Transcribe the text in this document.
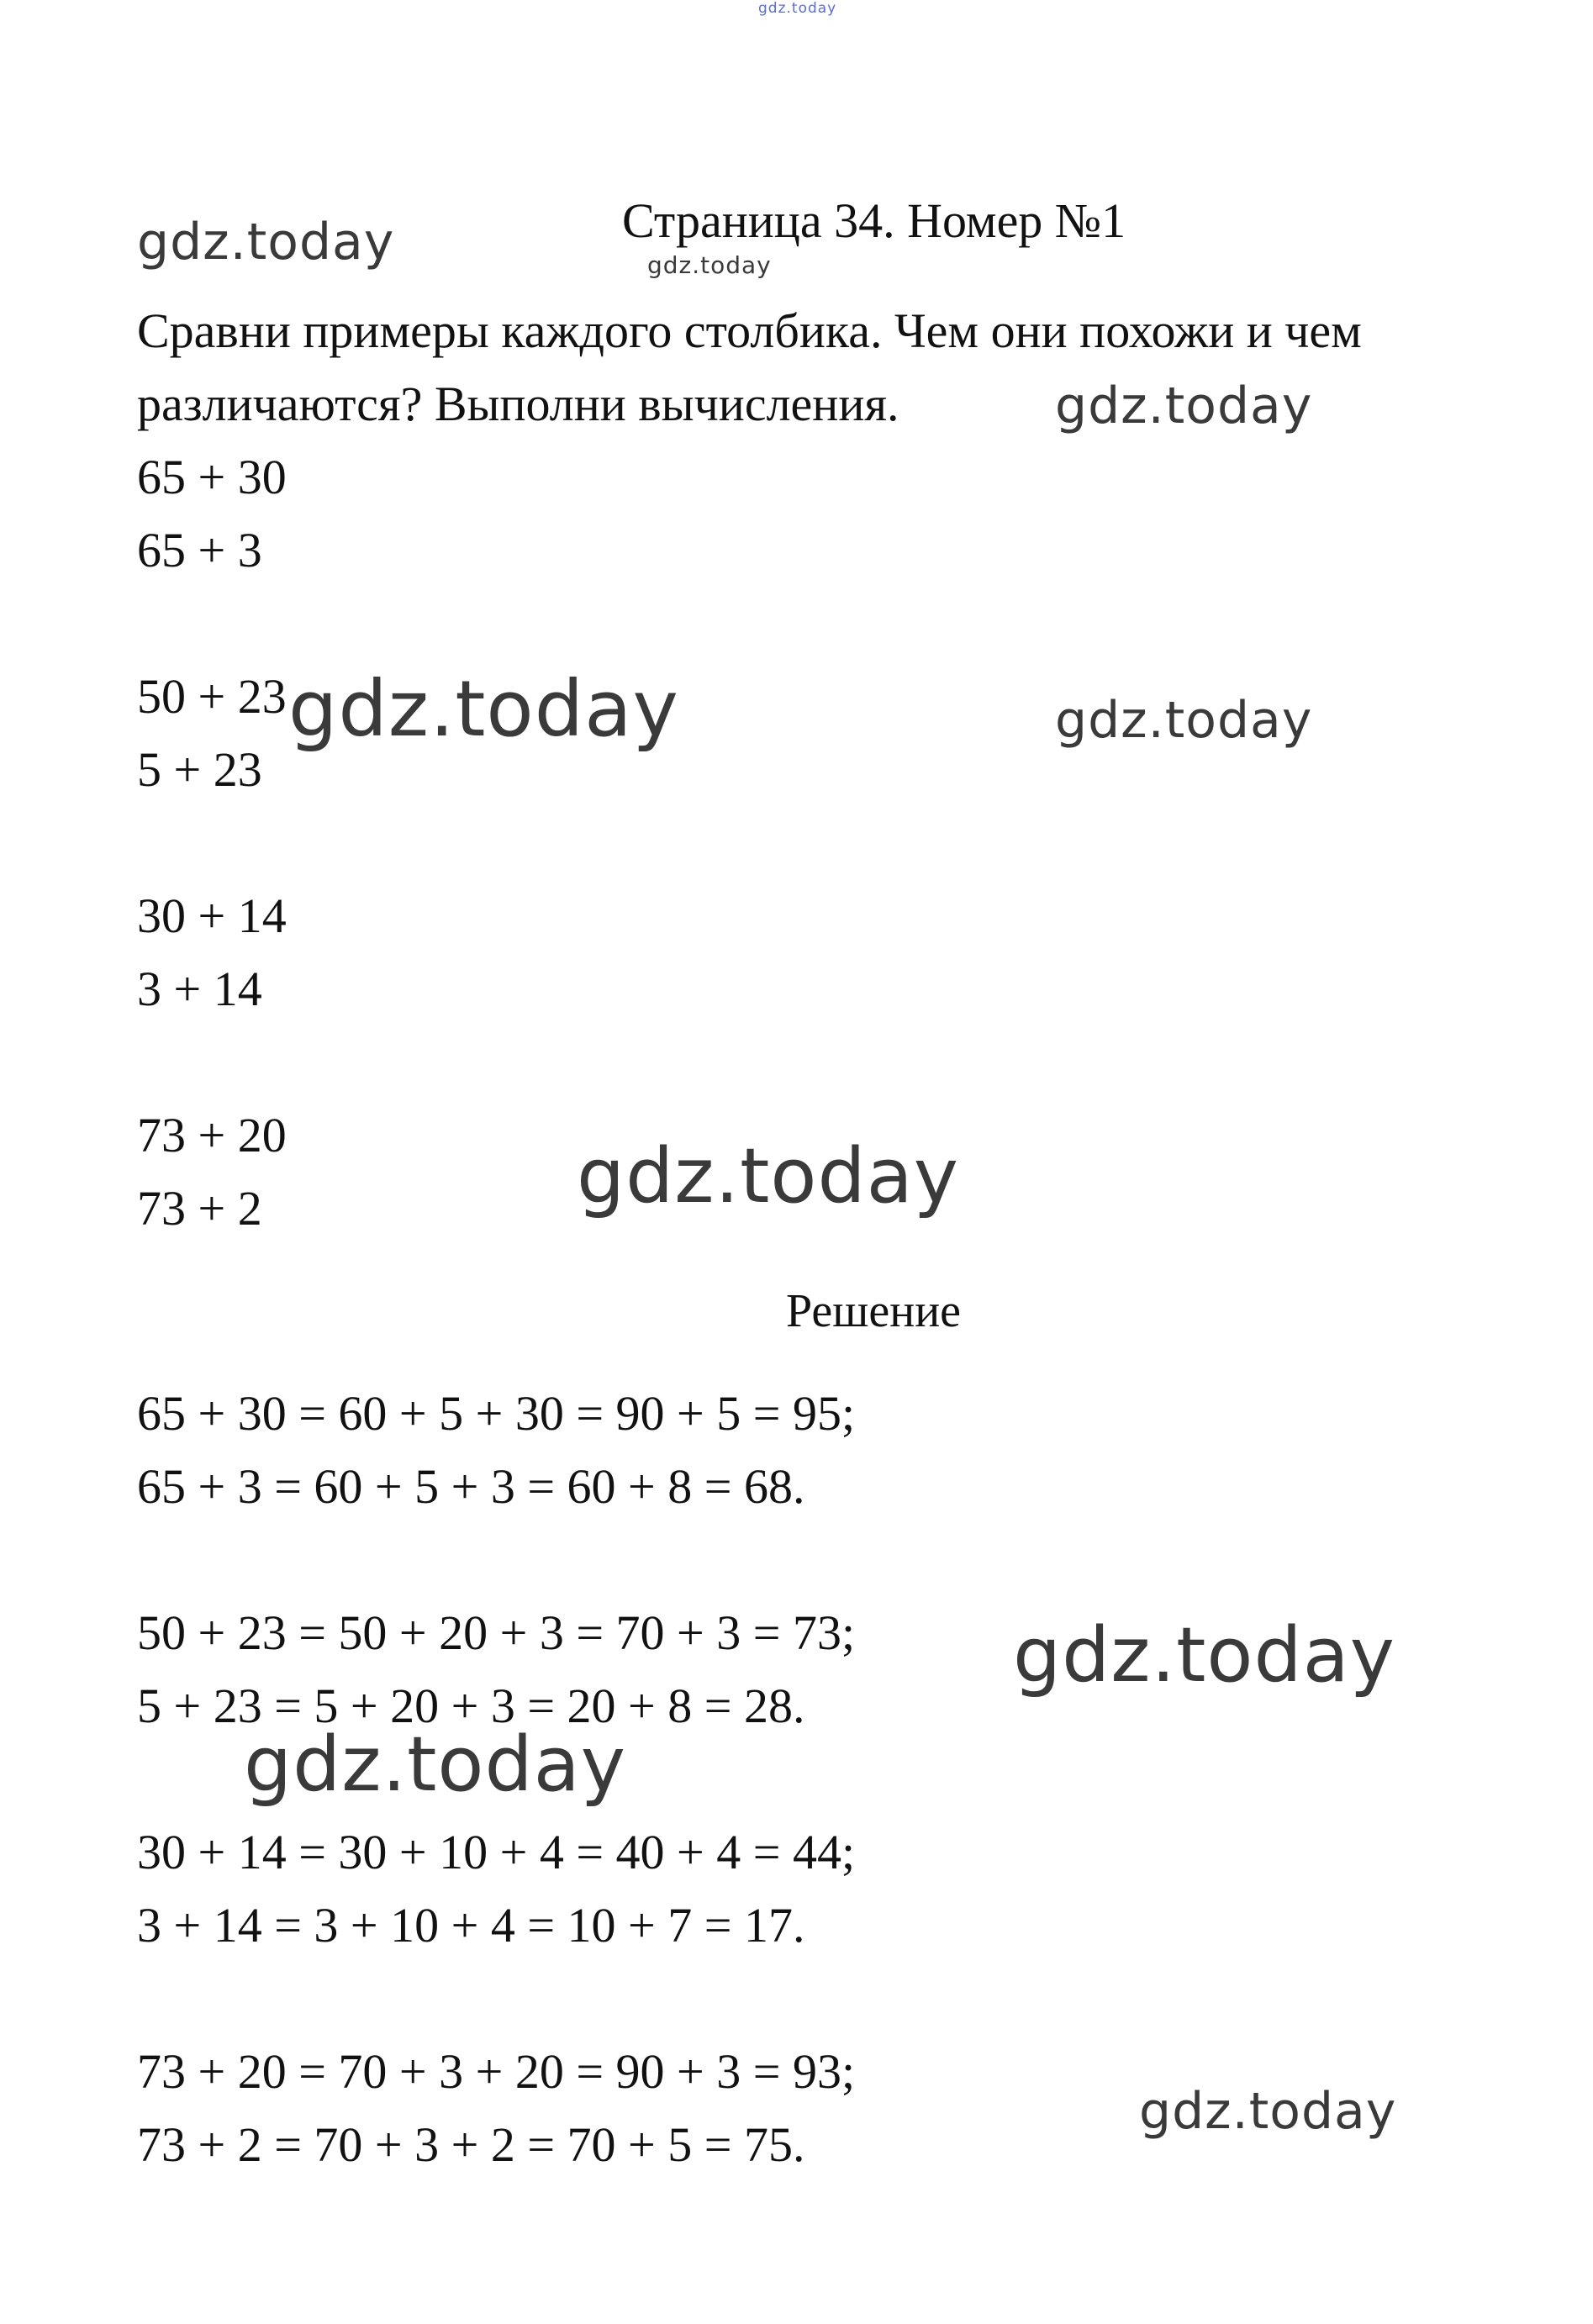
gdz.today
gdz.today	gdz.today
gdz.today
gdz.today	gdz.today
gdz.today
gdz.today
gdz.today
gdz.today
Страница 34. Номер №1
Сравни примеры каждого столбика. Чем они похожи и чем
различаются? Выполни вычисления.
65 + 30
65 + 3
50 + 23
5 + 23
30 + 14
3 + 14
73 + 20
73 + 2
Решение
65 + 30 = 60 + 5 + 30 = 90 + 5 = 95;
65 + 3 = 60 + 5 + 3 = 60 + 8 = 68.
50 + 23 = 50 + 20 + 3 = 70 + 3 = 73;
5 + 23 = 5 + 20 + 3 = 20 + 8 = 28.
30 + 14 = 30 + 10 + 4 = 40 + 4 = 44;
3 + 14 = 3 + 10 + 4 = 10 + 7 = 17.
73 + 20 = 70 + 3 + 20 = 90 + 3 = 93;
73 + 2 = 70 + 3 + 2 = 70 + 5 = 75.
